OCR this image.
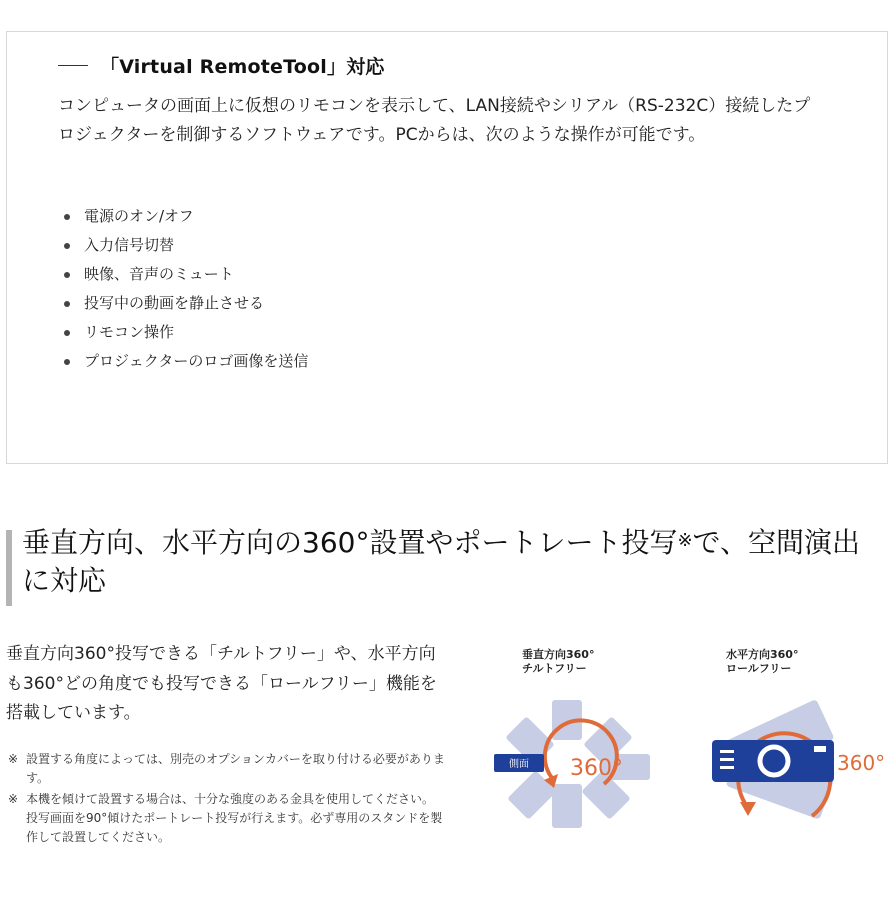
「Virtual RemoteTool」対応
コンピュータの画面上に仮想のリモコンを表示して、LAN接続やシリアル（RS-232C）接続したプロジェクターを制御するソフトウェアです。PCからは、次のような操作が可能です。
電源のオン/オフ
入力信号切替
映像、音声のミュート
投写中の動画を静止させる
リモコン操作
プロジェクターのロゴ画像を送信
垂直方向、水平方向の360°設置やポートレート投写※で、空間演出に対応
垂直方向360°投写できる「チルトフリー」や、水平方向も360°どの角度でも投写できる「ロールフリー」機能を搭載しています。
※ 設置する角度によっては、別売のオプションカバーを取り付ける必要があります。
※ 本機を傾けて設置する場合は、十分な強度のある金具を使用してください。
投写画面を90°傾けたポートレート投写が行えます。必ず専用のスタンドを製作して設置してください。
垂直方向360°
チルトフリー
側面 360°
水平方向360°
ロールフリー
360°
